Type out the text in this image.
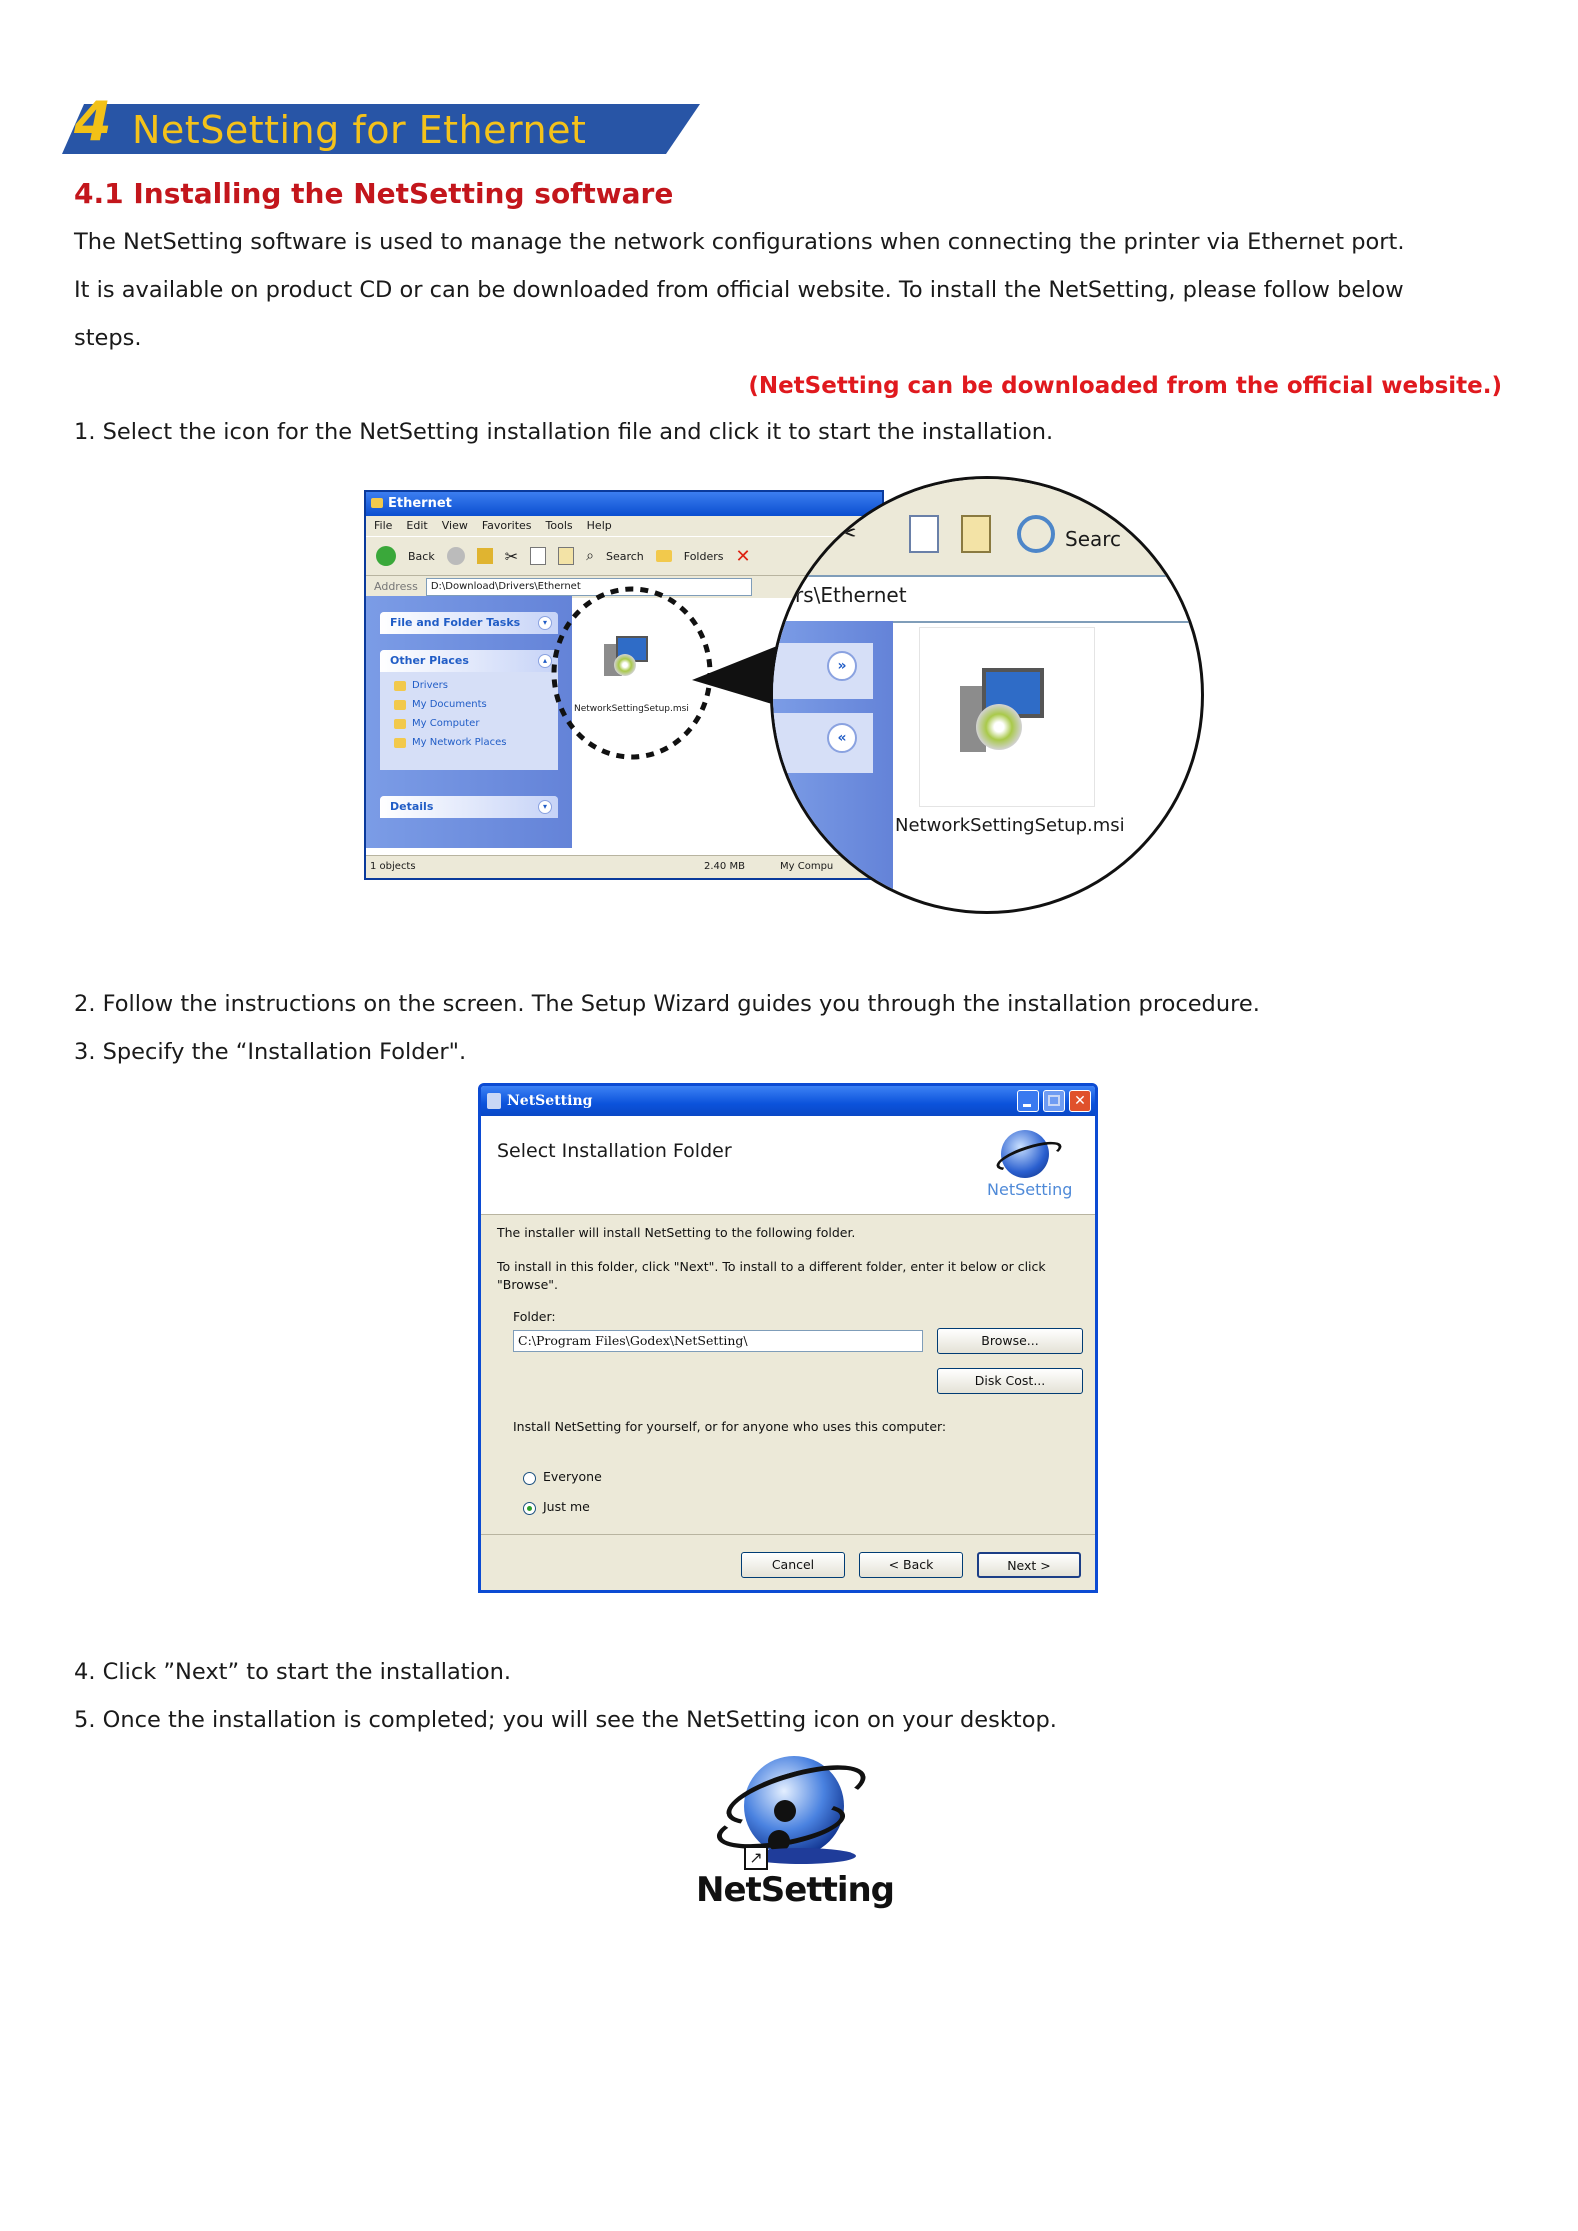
4 NetSetting for Ethernet
4.1 Installing the NetSetting software

The NetSetting software is used to manage the network configurations when connecting the printer via Ethernet port.

It is available on product CD or can be downloaded from official website. To install the NetSetting, please follow below

steps.

(NetSetting can be downloaded from the official website.)

1. Select the icon for the NetSetting installation file and click it to start the installation.

Ethernet
File Edit View Favorites Tools Help
Back	✂	⌕ Search	Folders ✕
Address	D:\Download\Drivers\Ethernet
File and Folder Tasks	▾
Other Places	▴
Drivers
My Documents
My Computer
My Network Places
Details	▾
NetworkSettingSetup.msi
1 objects	2.40 MB
✂	Searc
rs\Ethernet
»
«
NetworkSettingSetup.msi

2. Follow the instructions on the screen. The Setup Wizard guides you through the installation procedure.

3. Specify the “Installation Folder".

NetSetting	✕
Select Installation Folder
NetSetting
The installer will install NetSetting to the following folder.
To install in this folder, click "Next". To install to a different folder, enter it below or click "Browse".
Folder:
C:\Program Files\Godex\NetSetting\	Browse...
Disk Cost...
Install NetSetting for yourself, or for anyone who uses this computer:
Everyone
Just me
Cancel	< Back	Next >

4. Click ”Next” to start the installation.

5. Once the installation is completed; you will see the NetSetting icon on your desktop.

↗
NetSetting
